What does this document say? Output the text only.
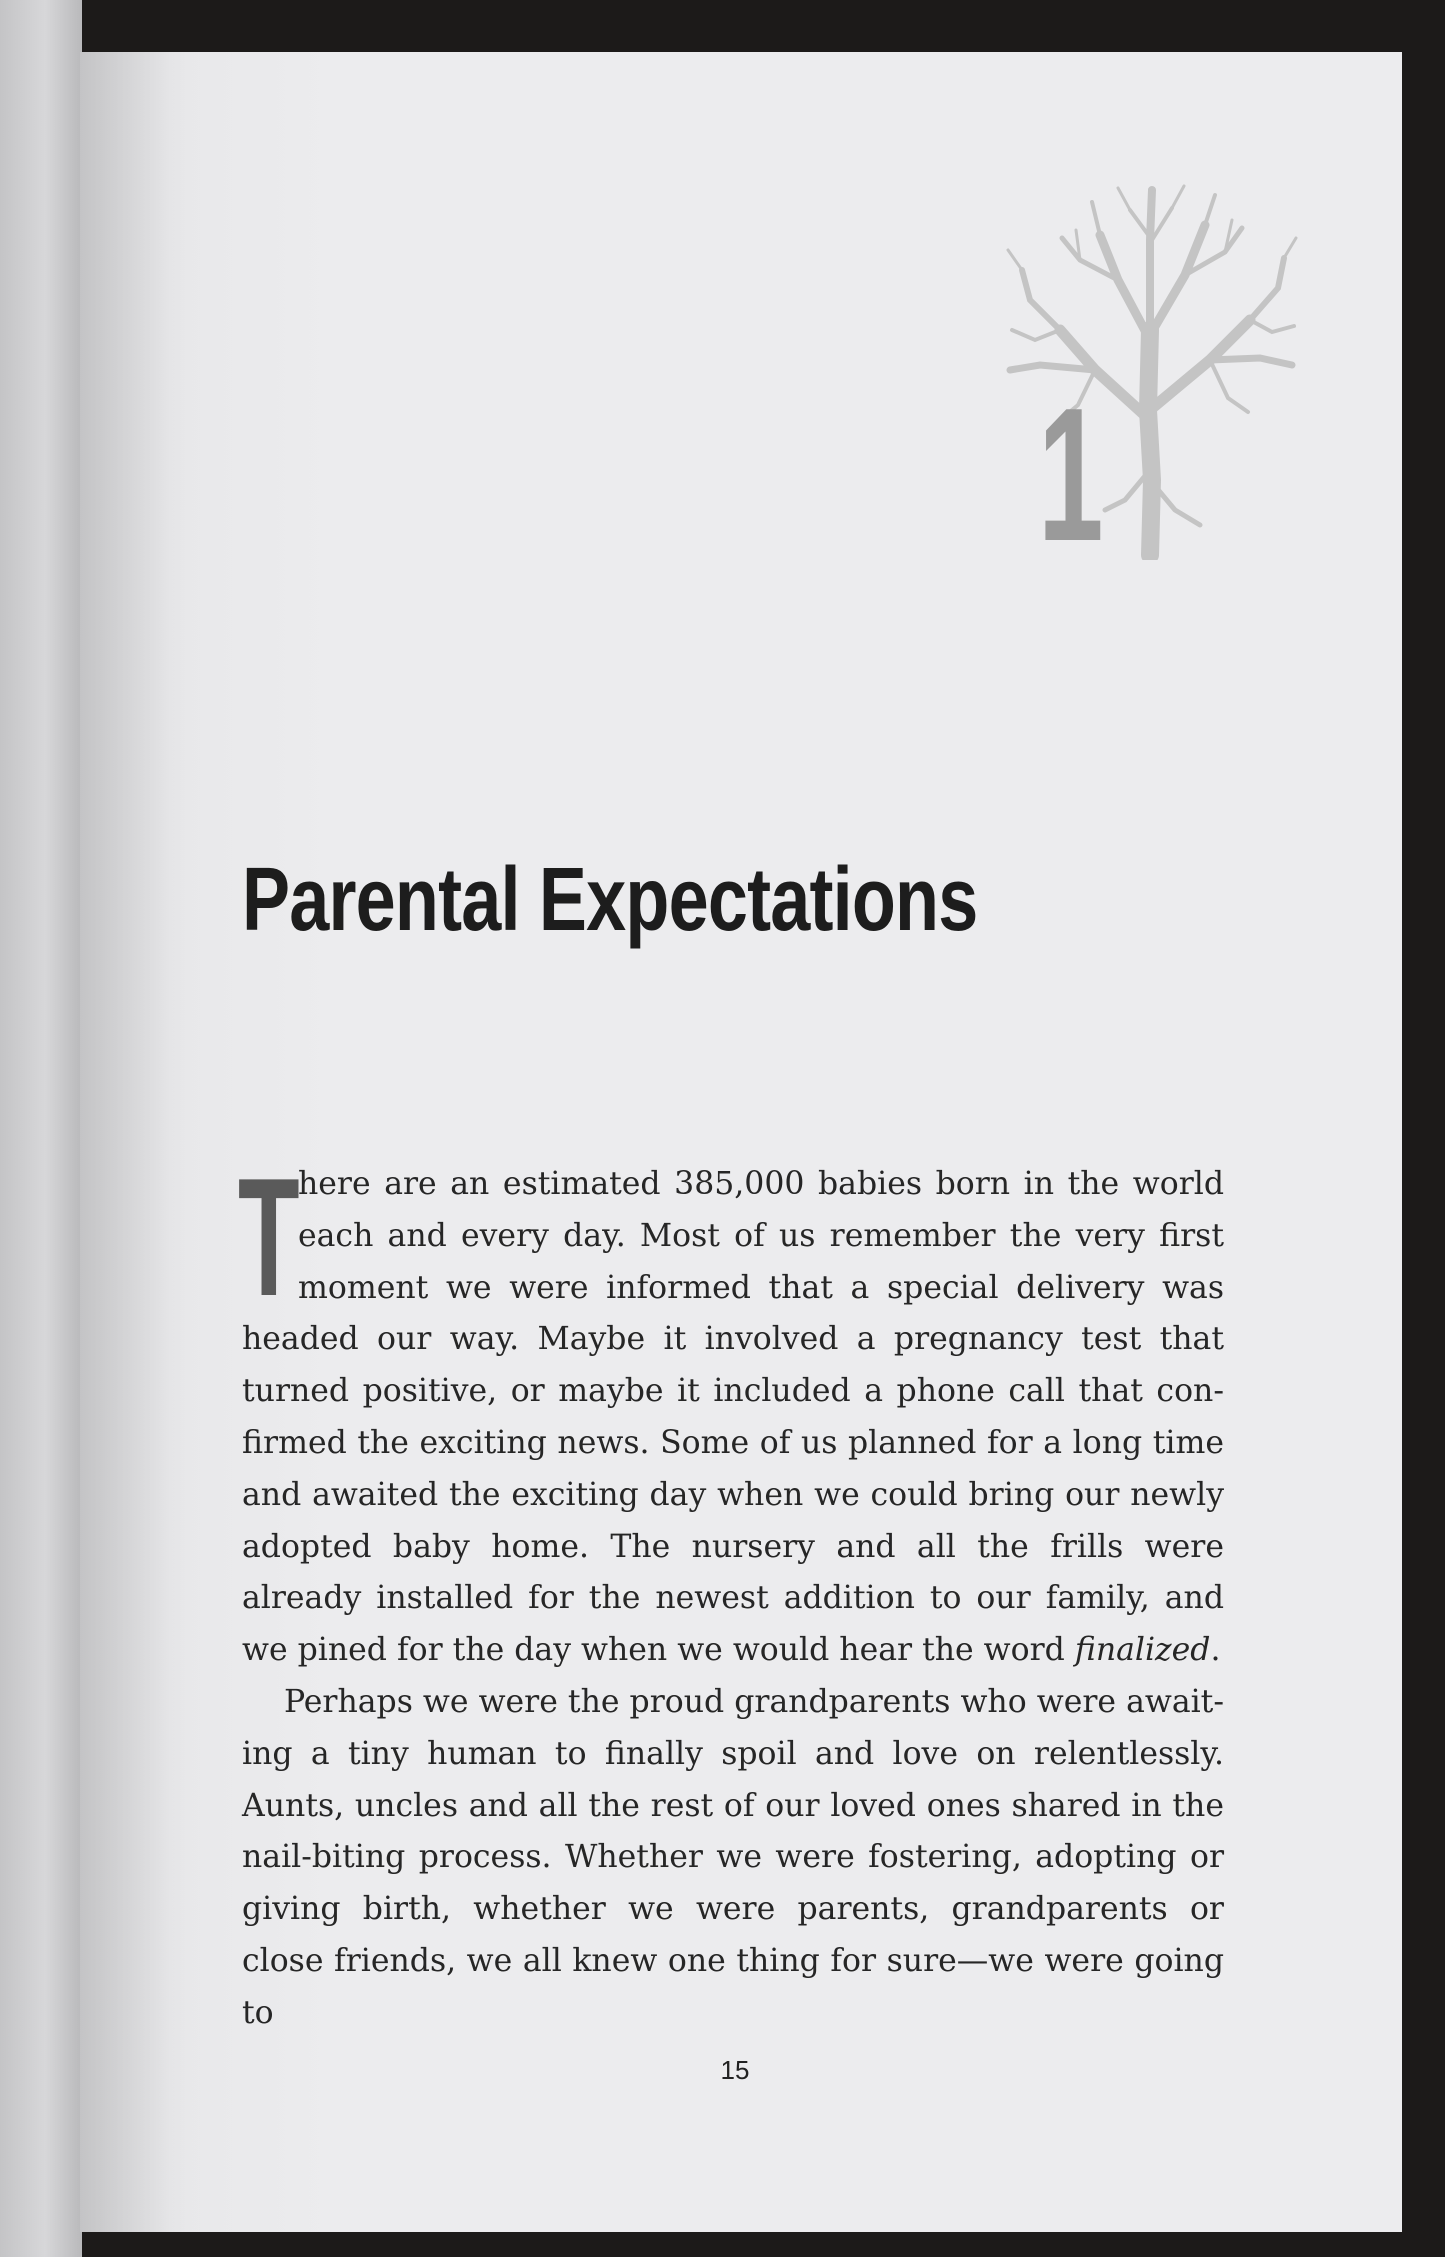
1
Parental Expectations

T
here are an estimated 385,000 babies born in the world each and every day. Most of us remember the very first moment we were informed that a special delivery was headed our way. Maybe it involved a pregnancy test that turned positive, or maybe it included a phone call that confirmed the exciting news. Some of us planned for a long time and awaited the exciting day when we could bring our newly adopted baby home. The nursery and all the frills were already installed for the newest addition to our family, and we pined for the day when we would hear the word finalized.

Perhaps we were the proud grandparents who were awaiting a tiny human to finally spoil and love on relentlessly. Aunts, uncles and all the rest of our loved ones shared in the nail-biting process. Whether we were fostering, adopting or giving birth, whether we were parents, grandparents or close friends, we all knew one thing for sure—we were going to

15
